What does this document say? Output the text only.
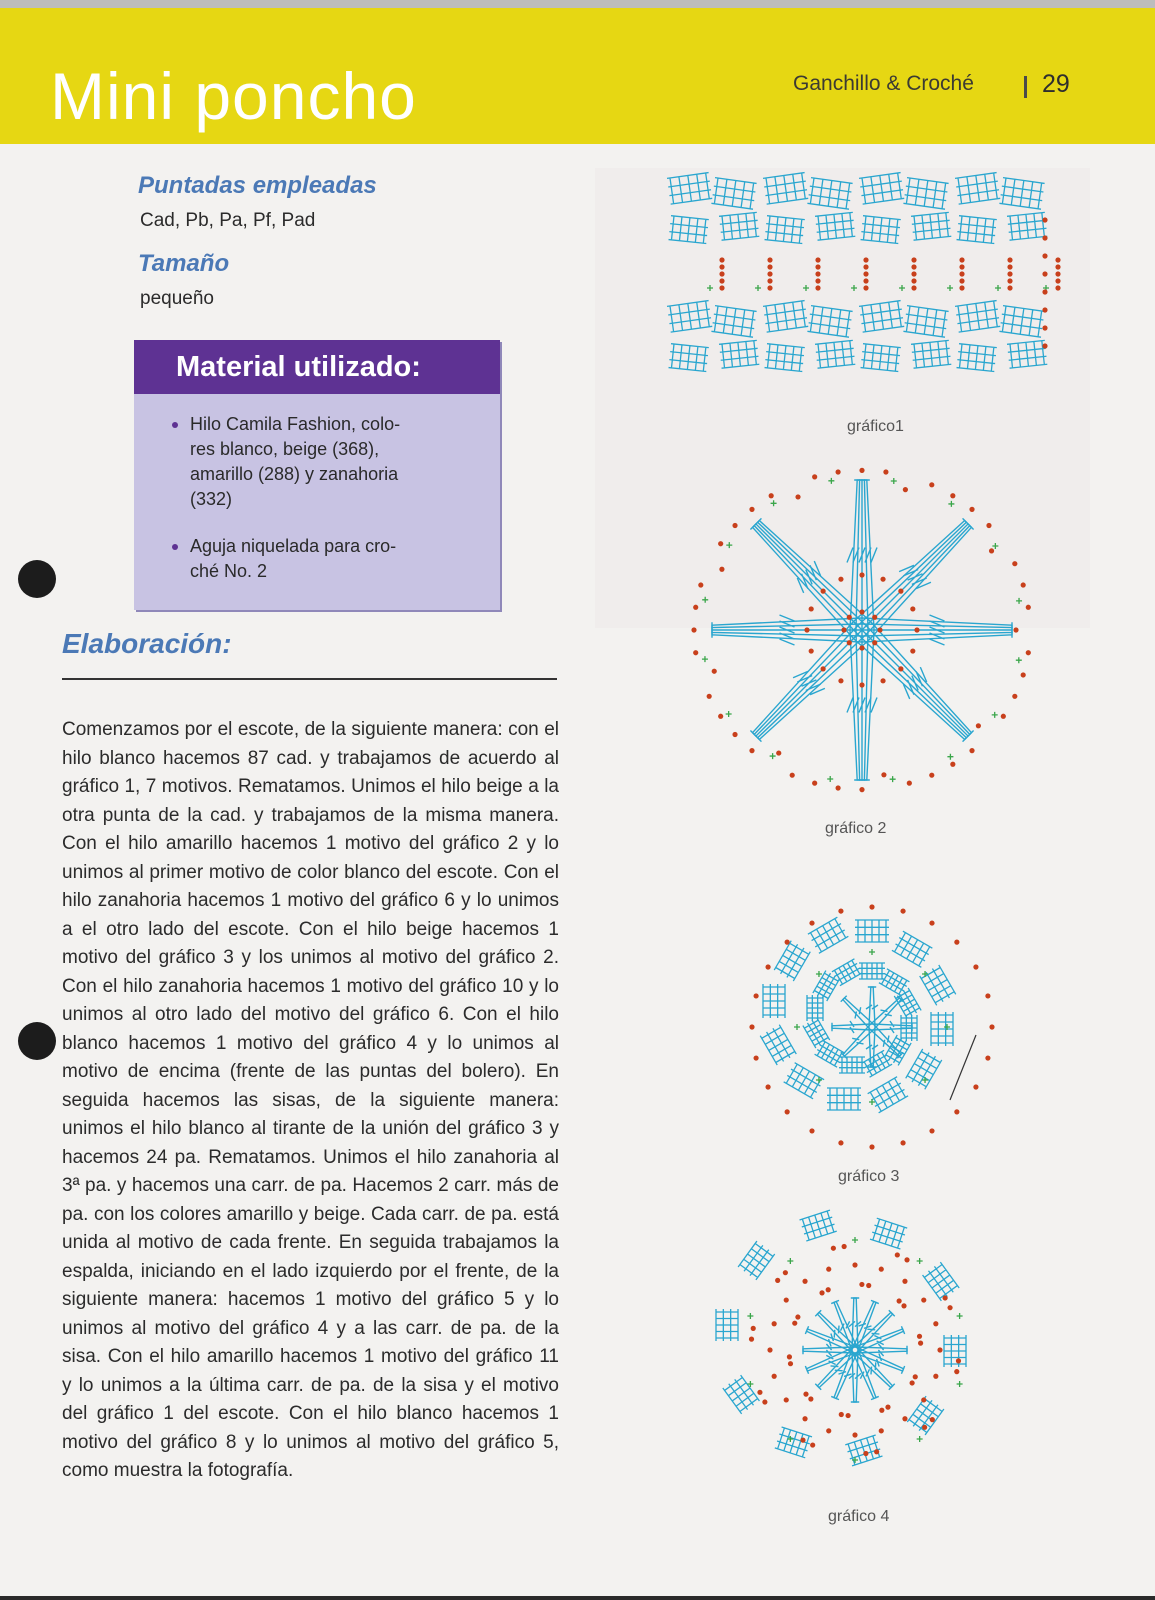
Mini poncho	Ganchillo & Croché	29
Puntadas empleadas
Cad, Pb, Pa, Pf, Pad
Tamaño
pequeño
Material utilizado:
Hilo Camila Fashion, colo-
res blanco, beige (368),
amarillo (288) y zanahoria
(332)
Aguja niquelada para cro-
ché No. 2
Elaboración:
Comenzamos por el escote, de la siguiente manera: con el hilo blanco hacemos 87 cad. y trabajamos de acuerdo al gráfico 1, 7 motivos. Rematamos. Unimos el hilo beige a la otra punta de la cad. y trabajamos de la misma manera. Con el hilo amarillo hacemos 1 motivo del gráfico 2 y lo unimos al primer motivo de color blanco del escote. Con el hilo zanahoria hacemos 1 motivo del gráfico 6 y lo unimos a el otro lado del escote. Con el hilo beige hacemos 1 motivo del gráfico 3 y los unimos al motivo del gráfico 2. Con el hilo zanahoria hacemos 1 motivo del gráfico 10 y lo unimos al otro lado del motivo del gráfico 6. Con el hilo blanco hacemos 1 motivo del gráfico 4 y lo unimos al motivo de encima (frente de las puntas del bolero). En seguida hacemos las sisas, de la siguiente manera: unimos el hilo blanco al tirante de la unión del gráfico 3 y hacemos 24 pa. Rematamos. Unimos el hilo zanahoria al 3ª pa. y hacemos una carr. de pa. Hacemos 2 carr. más de pa. con los colores amarillo y beige. Cada carr. de pa. está unida al motivo de cada frente. En seguida trabajamos la espalda, iniciando en el lado izquierdo por el frente, de la siguiente manera: hacemos 1 motivo del gráfico 5 y lo unimos al motivo del gráfico 4 y a las carr. de pa. de la sisa. Con el hilo amarillo hacemos 1 motivo del gráfico 11 y lo unimos a la última carr. de pa. de la sisa y el motivo del gráfico 1 del escote. Con el hilo blanco hacemos 1 motivo del gráfico 8 y lo unimos al motivo del gráfico 5, como muestra la fotografía.
gráfico1
gráfico 2
gráfico 3
gráfico 4
